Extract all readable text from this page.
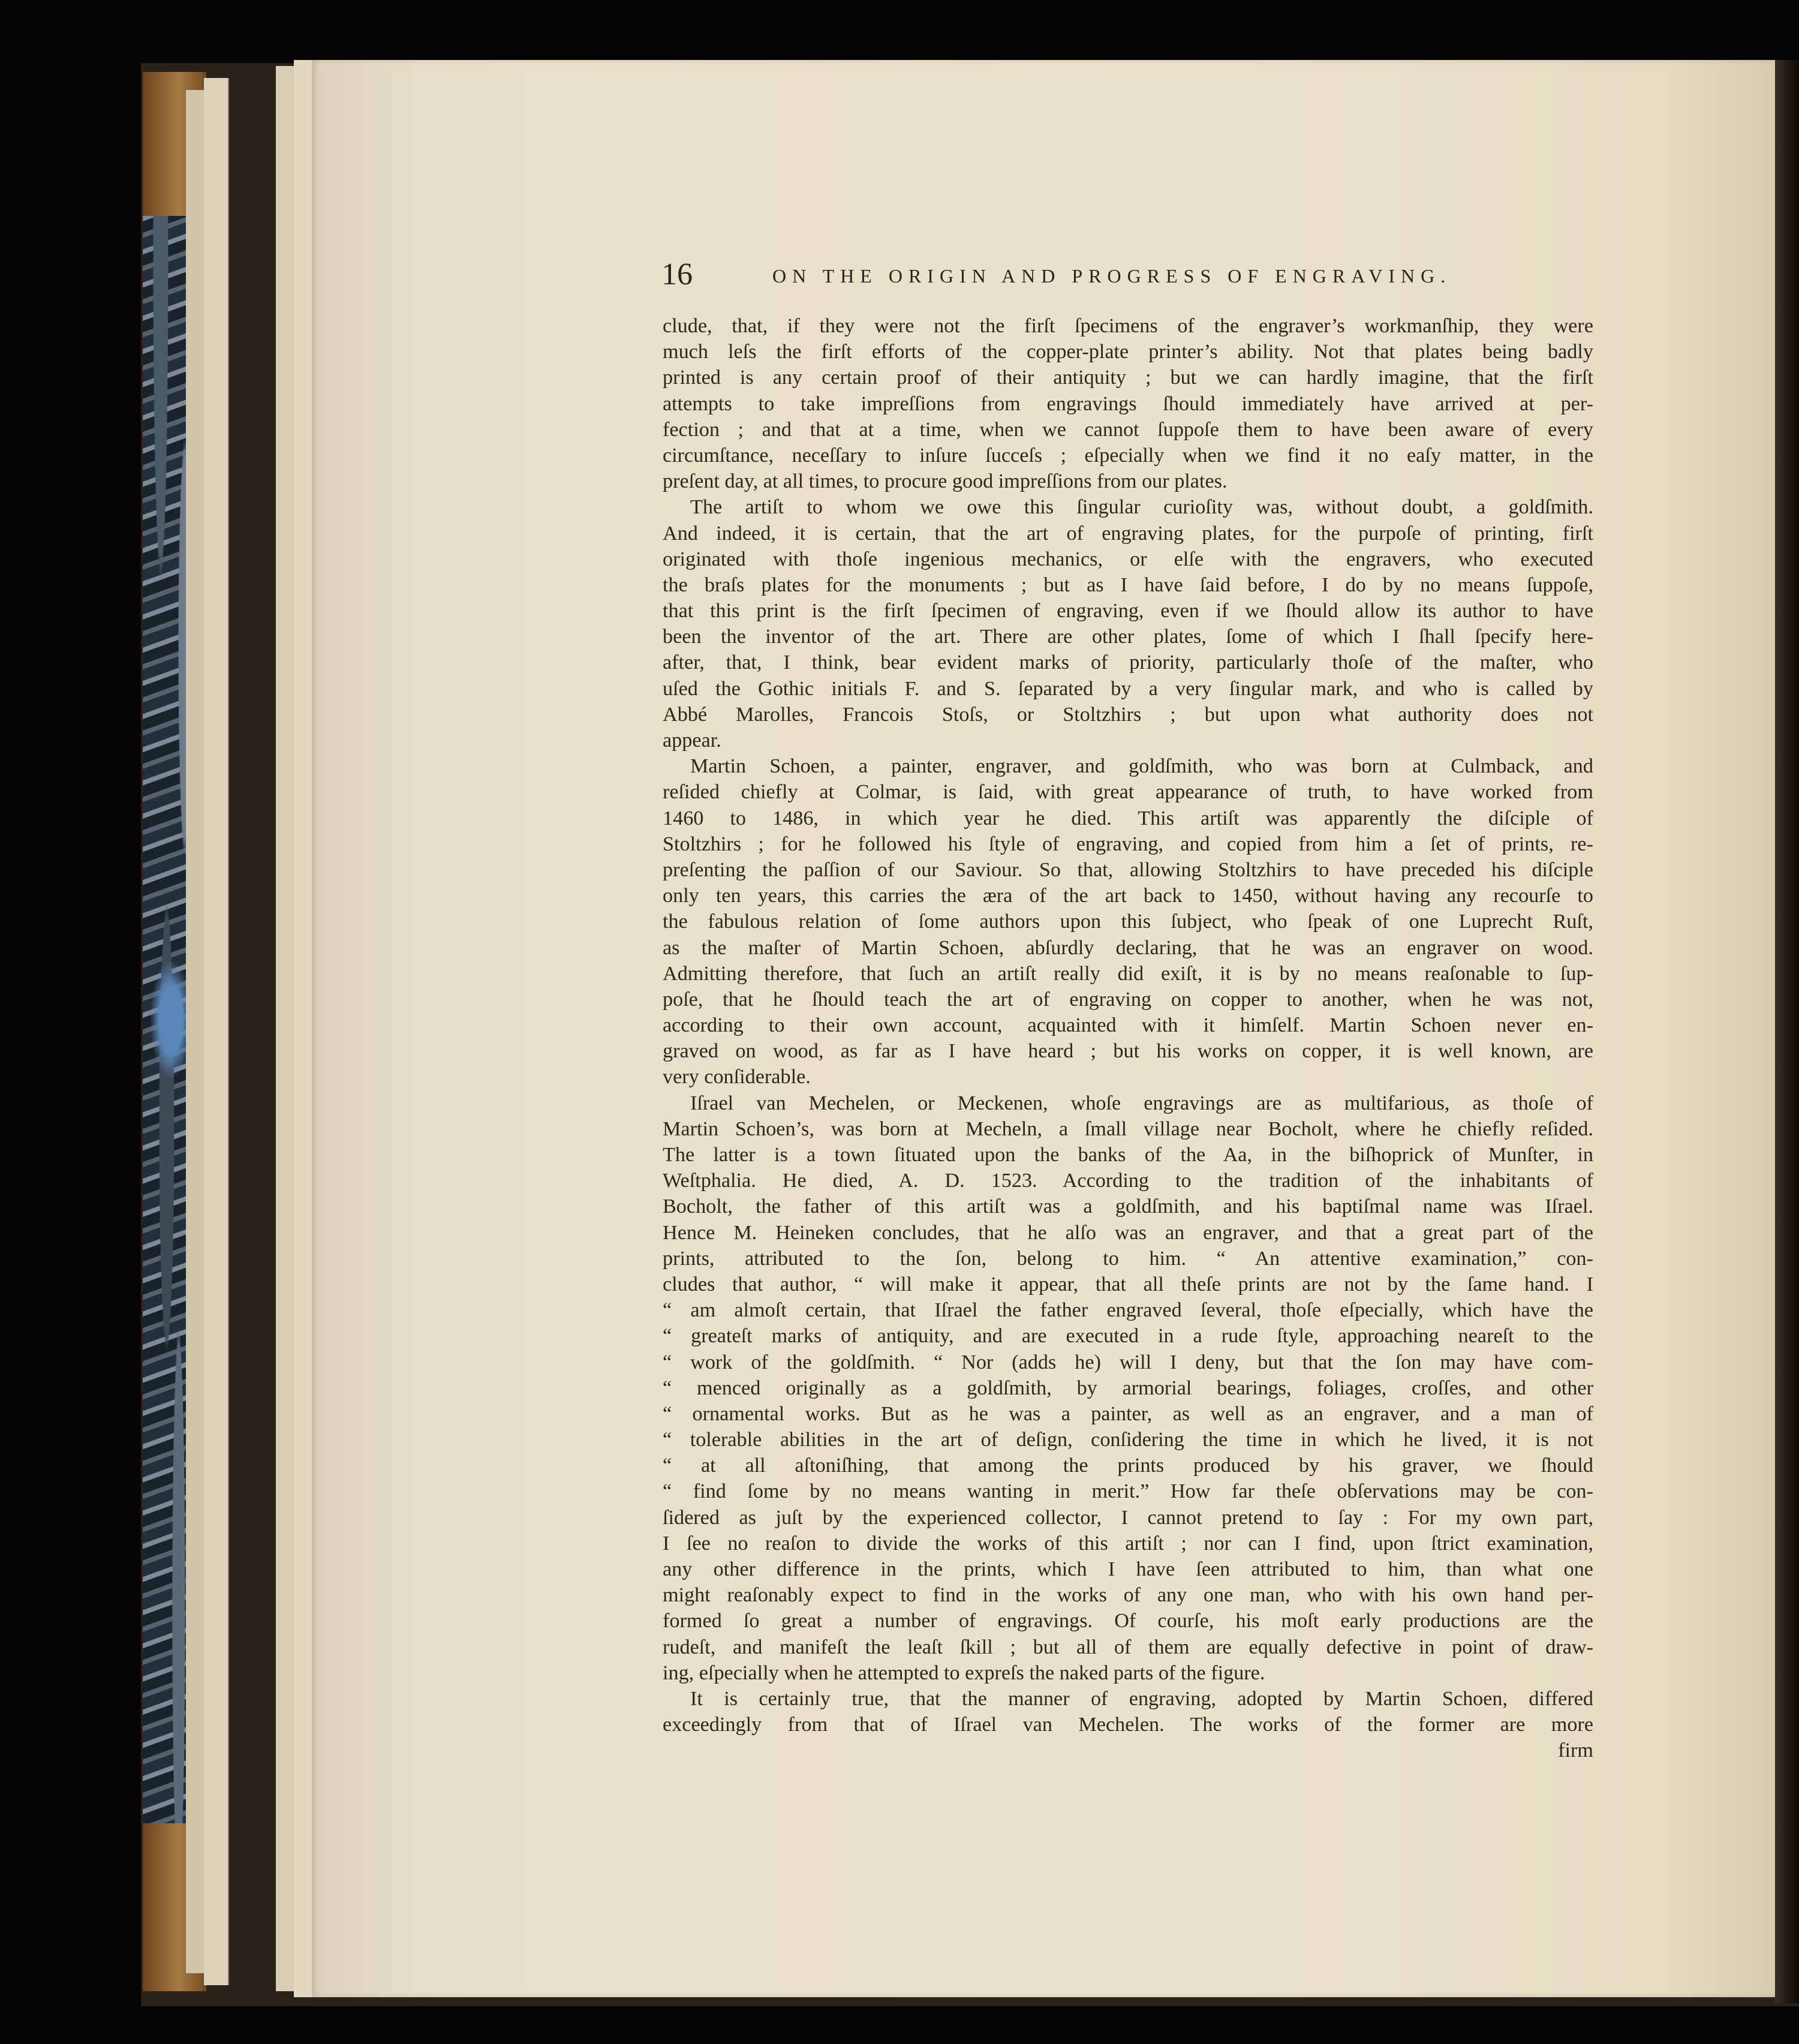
16	ON THE ORIGIN AND PROGRESS OF ENGRAVING.
clude, that, if they were not the firſt ſpecimens of the engraver’s workmanſhip, they were
much leſs the firſt efforts of the copper-plate printer’s ability. Not that plates being badly
printed is any certain proof of their antiquity ; but we can hardly imagine, that the firſt
attempts to take impreſſions from engravings ſhould immediately have arrived at per-
fection ; and that at a time, when we cannot ſuppoſe them to have been aware of every
circumſtance, neceſſary to inſure ſucceſs ; eſpecially when we find it no eaſy matter, in the
preſent day, at all times, to procure good impreſſions from our plates.
The artiſt to whom we owe this ſingular curioſity was, without doubt, a goldſmith.
And indeed, it is certain, that the art of engraving plates, for the purpoſe of printing, firſt
originated with thoſe ingenious mechanics, or elſe with the engravers, who executed
the braſs plates for the monuments ; but as I have ſaid before, I do by no means ſuppoſe,
that this print is the firſt ſpecimen of engraving, even if we ſhould allow its author to have
been the inventor of the art. There are other plates, ſome of which I ſhall ſpecify here-
after, that, I think, bear evident marks of priority, particularly thoſe of the maſter, who
uſed the Gothic initials F. and S. ſeparated by a very ſingular mark, and who is called by
Abbé Marolles, Francois Stoſs, or Stoltzhirs ; but upon what authority does not
appear.
Martin Schoen, a painter, engraver, and goldſmith, who was born at Culmback, and
reſided chiefly at Colmar, is ſaid, with great appearance of truth, to have worked from
1460 to 1486, in which year he died. This artiſt was apparently the diſciple of
Stoltzhirs ; for he followed his ſtyle of engraving, and copied from him a ſet of prints, re-
preſenting the paſſion of our Saviour. So that, allowing Stoltzhirs to have preceded his diſciple
only ten years, this carries the æra of the art back to 1450, without having any recourſe to
the fabulous relation of ſome authors upon this ſubject, who ſpeak of one Luprecht Ruſt,
as the maſter of Martin Schoen, abſurdly declaring, that he was an engraver on wood.
Admitting therefore, that ſuch an artiſt really did exiſt, it is by no means reaſonable to ſup-
poſe, that he ſhould teach the art of engraving on copper to another, when he was not,
according to their own account, acquainted with it himſelf. Martin Schoen never en-
graved on wood, as far as I have heard ; but his works on copper, it is well known, are
very conſiderable.
Iſrael van Mechelen, or Meckenen, whoſe engravings are as multifarious, as thoſe of
Martin Schoen’s, was born at Mecheln, a ſmall village near Bocholt, where he chiefly reſided.
The latter is a town ſituated upon the banks of the Aa, in the biſhoprick of Munſter, in
Weſtphalia. He died, A. D. 1523. According to the tradition of the inhabitants of
Bocholt, the father of this artiſt was a goldſmith, and his baptiſmal name was Iſrael.
Hence M. Heineken concludes, that he alſo was an engraver, and that a great part of the
prints, attributed to the ſon, belong to him. “ An attentive examination,” con-
cludes that author, “ will make it appear, that all theſe prints are not by the ſame hand. I
“ am almoſt certain, that Iſrael the father engraved ſeveral, thoſe eſpecially, which have the
“ greateſt marks of antiquity, and are executed in a rude ſtyle, approaching neareſt to the
“ work of the goldſmith. “ Nor (adds he) will I deny, but that the ſon may have com-
“ menced originally as a goldſmith, by armorial bearings, foliages, croſſes, and other
“ ornamental works. But as he was a painter, as well as an engraver, and a man of
“ tolerable abilities in the art of deſign, conſidering the time in which he lived, it is not
“ at all aſtoniſhing, that among the prints produced by his graver, we ſhould
“ find ſome by no means wanting in merit.” How far theſe obſervations may be con-
ſidered as juſt by the experienced collector, I cannot pretend to ſay : For my own part,
I ſee no reaſon to divide the works of this artiſt ; nor can I find, upon ſtrict examination,
any other difference in the prints, which I have ſeen attributed to him, than what one
might reaſonably expect to find in the works of any one man, who with his own hand per-
formed ſo great a number of engravings. Of courſe, his moſt early productions are the
rudeſt, and manifeſt the leaſt ſkill ; but all of them are equally defective in point of draw-
ing, eſpecially when he attempted to expreſs the naked parts of the figure.
It is certainly true, that the manner of engraving, adopted by Martin Schoen, differed
exceedingly from that of Iſrael van Mechelen. The works of the former are more
firm
